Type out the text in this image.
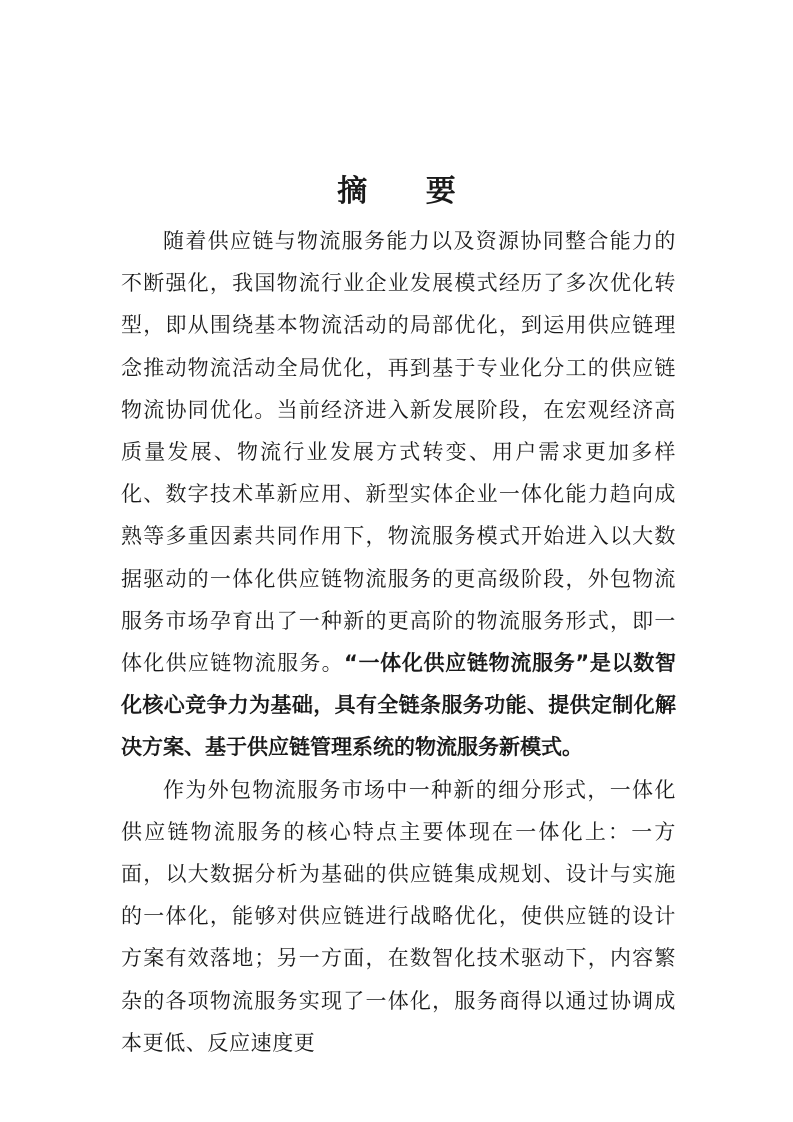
摘 要

随着供应链与物流服务能力以及资源协同整合能力的不断强化，我国物流行业企业发展模式经历了多次优化转型，即从围绕基本物流活动的局部优化，到运用供应链理念推动物流活动全局优化，再到基于专业化分工的供应链物流协同优化。当前经济进入新发展阶段，在宏观经济高质量发展、物流行业发展方式转变、用户需求更加多样化、数字技术革新应用、新型实体企业一体化能力趋向成熟等多重因素共同作用下，物流服务模式开始进入以大数据驱动的一体化供应链物流服务的更高级阶段，外包物流服务市场孕育出了一种新的更高阶的物流服务形式，即一体化供应链物流服务。“一体化供应链物流服务”是以数智化核心竞争力为基础，具有全链条服务功能、提供定制化解决方案、基于供应链管理系统的物流服务新模式。

作为外包物流服务市场中一种新的细分形式，一体化供应链物流服务的核心特点主要体现在一体化上：一方面，以大数据分析为基础的供应链集成规划、设计与实施的一体化，能够对供应链进行战略优化，使供应链的设计方案有效落地；另一方面，在数智化技术驱动下，内容繁杂的各项物流服务实现了一体化，服务商得以通过协调成本更低、反应速度更
